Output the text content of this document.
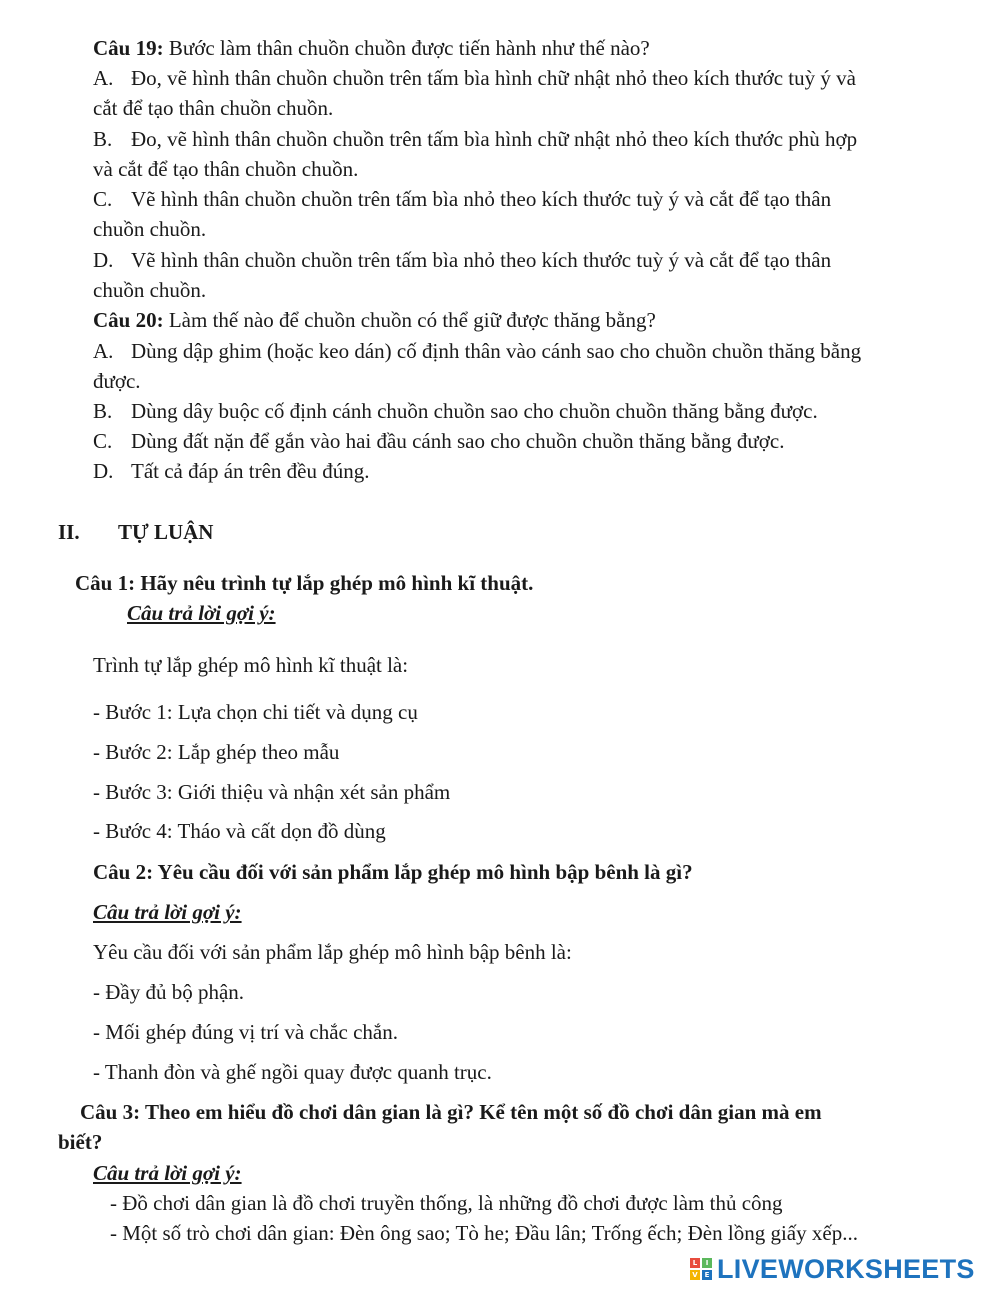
Câu 19: Bước làm thân chuồn chuồn được tiến hành như thế nào?
A. Đo, vẽ hình thân chuồn chuồn trên tấm bìa hình chữ nhật nhỏ theo kích thước tuỳ ý và
cắt để tạo thân chuồn chuồn.
B. Đo, vẽ hình thân chuồn chuồn trên tấm bìa hình chữ nhật nhỏ theo kích thước phù hợp
và cắt để tạo thân chuồn chuồn.
C. Vẽ hình thân chuồn chuồn trên tấm bìa nhỏ theo kích thước tuỳ ý và cắt để tạo thân
chuồn chuồn.
D. Vẽ hình thân chuồn chuồn trên tấm bìa nhỏ theo kích thước tuỳ ý và cắt để tạo thân
chuồn chuồn.
Câu 20: Làm thế nào để chuồn chuồn có thể giữ được thăng bằng?
A. Dùng dập ghim (hoặc keo dán) cố định thân vào cánh sao cho chuồn chuồn thăng bằng
được.
B. Dùng dây buộc cố định cánh chuồn chuồn sao cho chuồn chuồn thăng bằng được.
C. Dùng đất nặn để gắn vào hai đầu cánh sao cho chuồn chuồn thăng bằng được.
D. Tất cả đáp án trên đều đúng.
II. TỰ LUẬN
Câu 1: Hãy nêu trình tự lắp ghép mô hình kĩ thuật.
Câu trả lời gợi ý:
Trình tự lắp ghép mô hình kĩ thuật là:
- Bước 1: Lựa chọn chi tiết và dụng cụ
- Bước 2: Lắp ghép theo mẫu
- Bước 3: Giới thiệu và nhận xét sản phẩm
- Bước 4: Tháo và cất dọn đồ dùng
Câu 2: Yêu cầu đối với sản phẩm lắp ghép mô hình bập bênh là gì?
Câu trả lời gợi ý:
Yêu cầu đối với sản phẩm lắp ghép mô hình bập bênh là:
- Đầy đủ bộ phận.
- Mối ghép đúng vị trí và chắc chắn.
- Thanh đòn và ghế ngồi quay được quanh trục.
Câu 3: Theo em hiểu đồ chơi dân gian là gì? Kể tên một số đồ chơi dân gian mà em
biết?
Câu trả lời gợi ý:
- Đồ chơi dân gian là đồ chơi truyền thống, là những đồ chơi được làm thủ công
- Một số trò chơi dân gian: Đèn ông sao; Tò he; Đầu lân; Trống ếch; Đèn lồng giấy xếp...
L	I
V E LIVEWORKSHEETS
